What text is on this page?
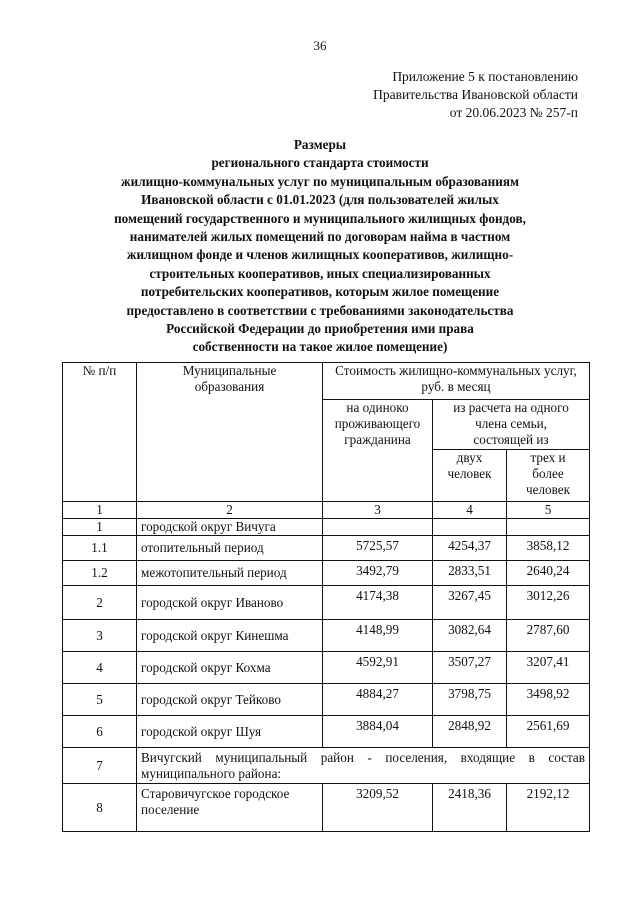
36
Приложение 5 к постановлению
Правительства Ивановской области
от 20.06.2023 № 257-п
Размеры
регионального стандарта стоимости
жилищно-коммунальных услуг по муниципальным образованиям
Ивановской области с 01.01.2023 (для пользователей жилых
помещений государственного и муниципального жилищных фондов,
нанимателей жилых помещений по договорам найма в частном
жилищном фонде и членов жилищных кооперативов, жилищно-
строительных кооперативов, иных специализированных
потребительских кооперативов, которым жилое помещение
предоставлено в соответствии с требованиями законодательства
Российской Федерации до приобретения ими права
собственности на такое жилое помещение)
№ п/п	Муниципальные образования	Стоимость жилищно-коммунальных услуг, руб. в месяц		
		на одиноко проживающего гражданина	из расчета на одного члена семьи, состоящей из	
			двух человек	трех и более человек
1	2	3	4	5
1	городской округ Вичуга			
1.1	отопительный период	5725,57	4254,37	3858,12
1.2	межотопительный период	3492,79	2833,51	2640,24
2	городской округ Иваново	4174,38	3267,45	3012,26
3	городской округ Кинешма	4148,99	3082,64	2787,60
4	городской округ Кохма	4592,91	3507,27	3207,41
5	городской округ Тейково	4884,27	3798,75	3498,92
6	городской округ Шуя	3884,04	2848,92	2561,69
7	Вичугский муниципальный район - поселения, входящие в состав муниципального района:			
8	Старовичугское городское поселение	3209,52	2418,36	2192,12
